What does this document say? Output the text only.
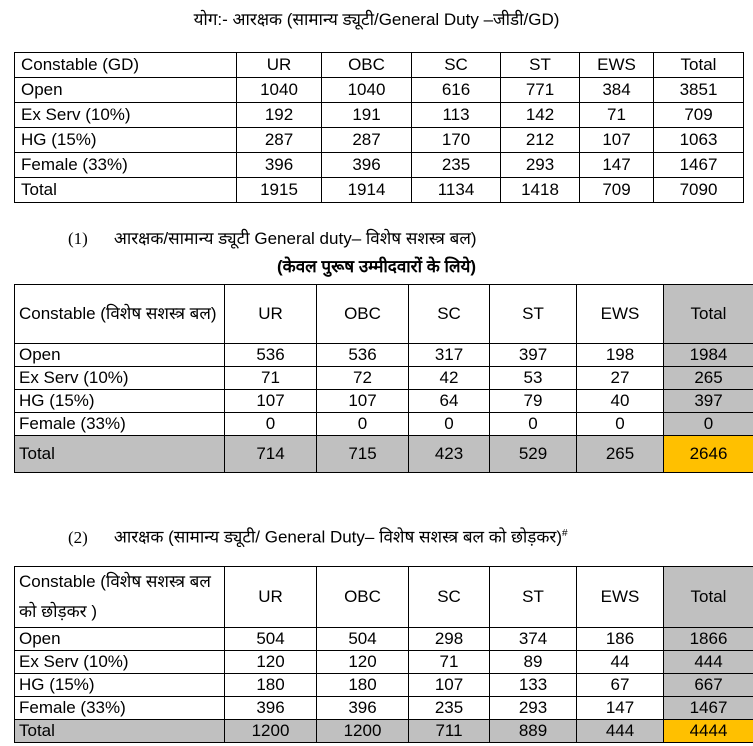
योग:- आरक्षक (सामान्य ड्यूटी/General Duty –जीडी/GD)
Constable (GD)	UR	OBC	SC	ST	EWS	Total
Open	1040	1040	616	771	384	3851
Ex Serv (10%)	192	191	113	142	71	709
HG (15%)	287	287	170	212	107	1063
Female (33%)	396	396	235	293	147	1467
Total	1915	1914	1134	1418	709	7090
(1) आरक्षक/सामान्य ड्यूटी General duty– विशेष सशस्त्र बल)
(केवल पुरूष उम्मीदवारों के लिये)
Constable (विशेष सशस्त्र बल)	UR	OBC	SC	ST	EWS	Total
Open	536	536	317	397	198	1984
Ex Serv (10%)	71	72	42	53	27	265
HG (15%)	107	107	64	79	40	397
Female (33%)	0	0	0	0	0	0
Total	714	715	423	529	265	2646
(2) आरक्षक (सामान्य ड्यूटी/ General Duty– विशेष सशस्त्र बल को छोड़कर)#
Constable (विशेष सशस्त्र बल को छोड़कर )	UR	OBC	SC	ST	EWS	Total
Open	504	504	298	374	186	1866
Ex Serv (10%)	120	120	71	89	44	444
HG (15%)	180	180	107	133	67	667
Female (33%)	396	396	235	293	147	1467
Total	1200	1200	711	889	444	4444
